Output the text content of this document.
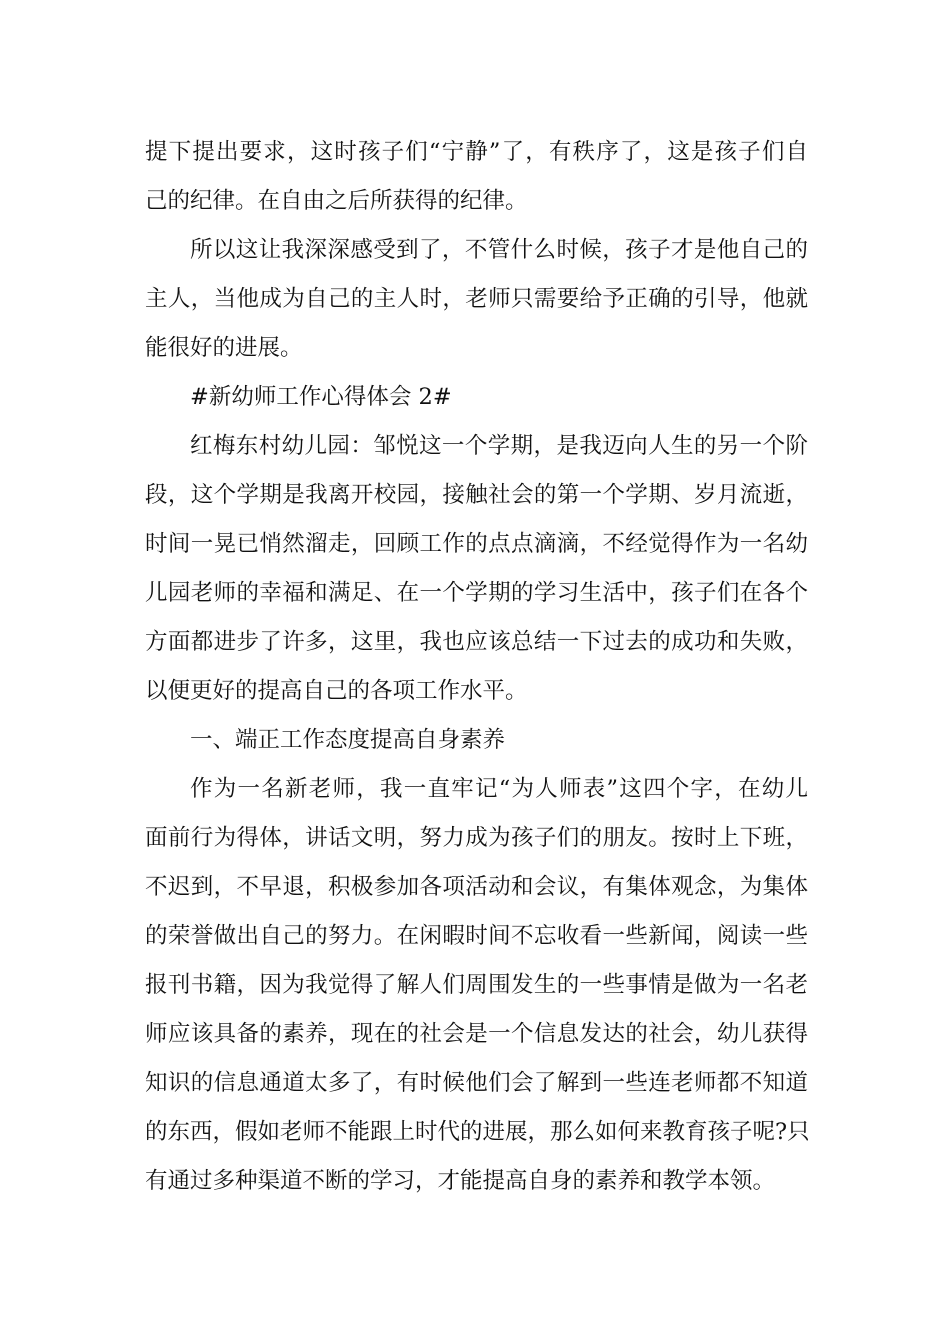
提下提出要求，这时孩子们“宁静”了，有秩序了，这是孩子们自
己的纪律。在自由之后所获得的纪律。
所以这让我深深感受到了，不管什么时候，孩子才是他自己的
主人，当他成为自己的主人时，老师只需要给予正确的引导，他就
能很好的进展。
#新幼师工作心得体会 2#
红梅东村幼儿园：邹悦这一个学期，是我迈向人生的另一个阶
段，这个学期是我离开校园，接触社会的第一个学期、岁月流逝，
时间一晃已悄然溜走，回顾工作的点点滴滴，不经觉得作为一名幼
儿园老师的幸福和满足、在一个学期的学习生活中，孩子们在各个
方面都进步了许多，这里，我也应该总结一下过去的成功和失败，
以便更好的提高自己的各项工作水平。
一、端正工作态度提高自身素养
作为一名新老师，我一直牢记“为人师表”这四个字，在幼儿
面前行为得体，讲话文明，努力成为孩子们的朋友。按时上下班，
不迟到，不早退，积极参加各项活动和会议，有集体观念，为集体
的荣誉做出自己的努力。在闲暇时间不忘收看一些新闻，阅读一些
报刊书籍，因为我觉得了解人们周围发生的一些事情是做为一名老
师应该具备的素养，现在的社会是一个信息发达的社会，幼儿获得
知识的信息通道太多了，有时候他们会了解到一些连老师都不知道
的东西，假如老师不能跟上时代的进展，那么如何来教育孩子呢?只
有通过多种渠道不断的学习，才能提高自身的素养和教学本领。
